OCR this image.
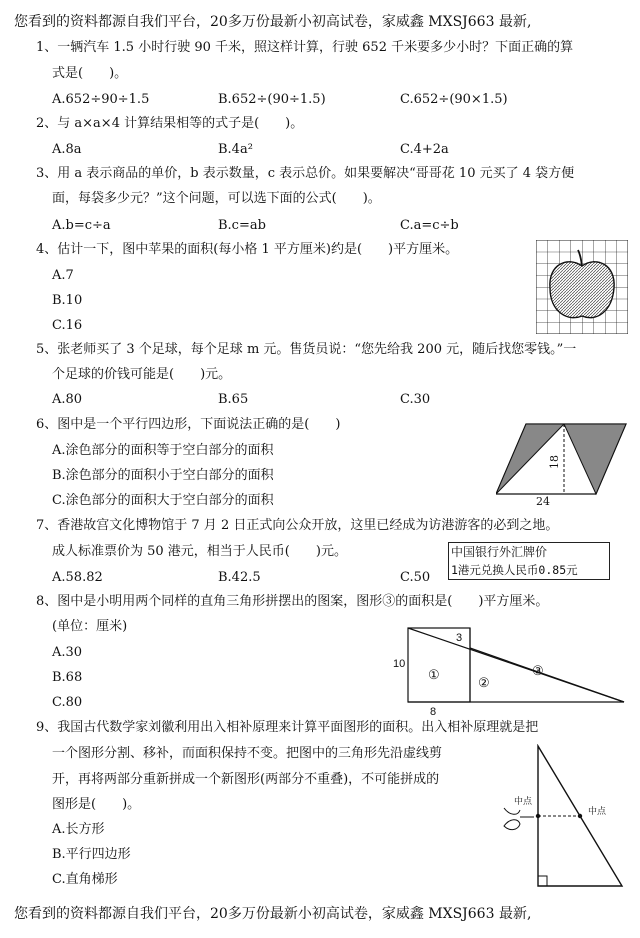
您看到的资料都源自我们平台，20多万份最新小初高试卷，家威鑫 MXSJ663 最新,
1、一辆汽车 1.5 小时行驶 90 千米，照这样计算，行驶 652 千米要多少小时？下面正确的算
式是(　　)。
A.652÷90÷1.5	B.652÷(90÷1.5)	C.652÷(90×1.5)
2、与 a×a×4 计算结果相等的式子是(　　)。
A.8a	B.4a²	C.4+2a
3、用 a 表示商品的单价，b 表示数量，c 表示总价。如果要解决“哥哥花 10 元买了 4 袋方便
面，每袋多少元？”这个问题，可以选下面的公式(　　)。
A.b=c÷a	B.c=ab	C.a=c÷b
4、估计一下，图中苹果的面积(每小格 1 平方厘米)约是(　　)平方厘米。
A.7
B.10
C.16
5、张老师买了 3 个足球，每个足球 m 元。售货员说：“您先给我 200 元，随后找您零钱。”一
个足球的价钱可能是(　　)元。
A.80	B.65	C.30
6、图中是一个平行四边形，下面说法正确的是(　　)
A.涂色部分的面积等于空白部分的面积
B.涂色部分的面积小于空白部分的面积
C.涂色部分的面积大于空白部分的面积
18
24
7、香港故宫文化博物馆于 7 月 2 日正式向公众开放，这里已经成为访港游客的必到之地。
成人标准票价为 50 港元，相当于人民币(　　)元。
A.58.82	B.42.5	C.50
中国银行外汇牌价
1港元兑换人民币0.85元
8、图中是小明用两个同样的直角三角形拼摆出的图案，图形③的面积是(　　)平方厘米。
(单位：厘米)
A.30
B.68
C.80
10
3
8
①
②
③
9、我国古代数学家刘徽利用出入相补原理来计算平面图形的面积。出入相补原理就是把
一个图形分割、移补，而面积保持不变。把图中的三角形先沿虚线剪
开，再将两部分重新拼成一个新图形(两部分不重叠)，不可能拼成的
图形是(　　)。
A.长方形
B.平行四边形
C.直角梯形
中点
中点
您看到的资料都源自我们平台，20多万份最新小初高试卷，家威鑫 MXSJ663 最新,
